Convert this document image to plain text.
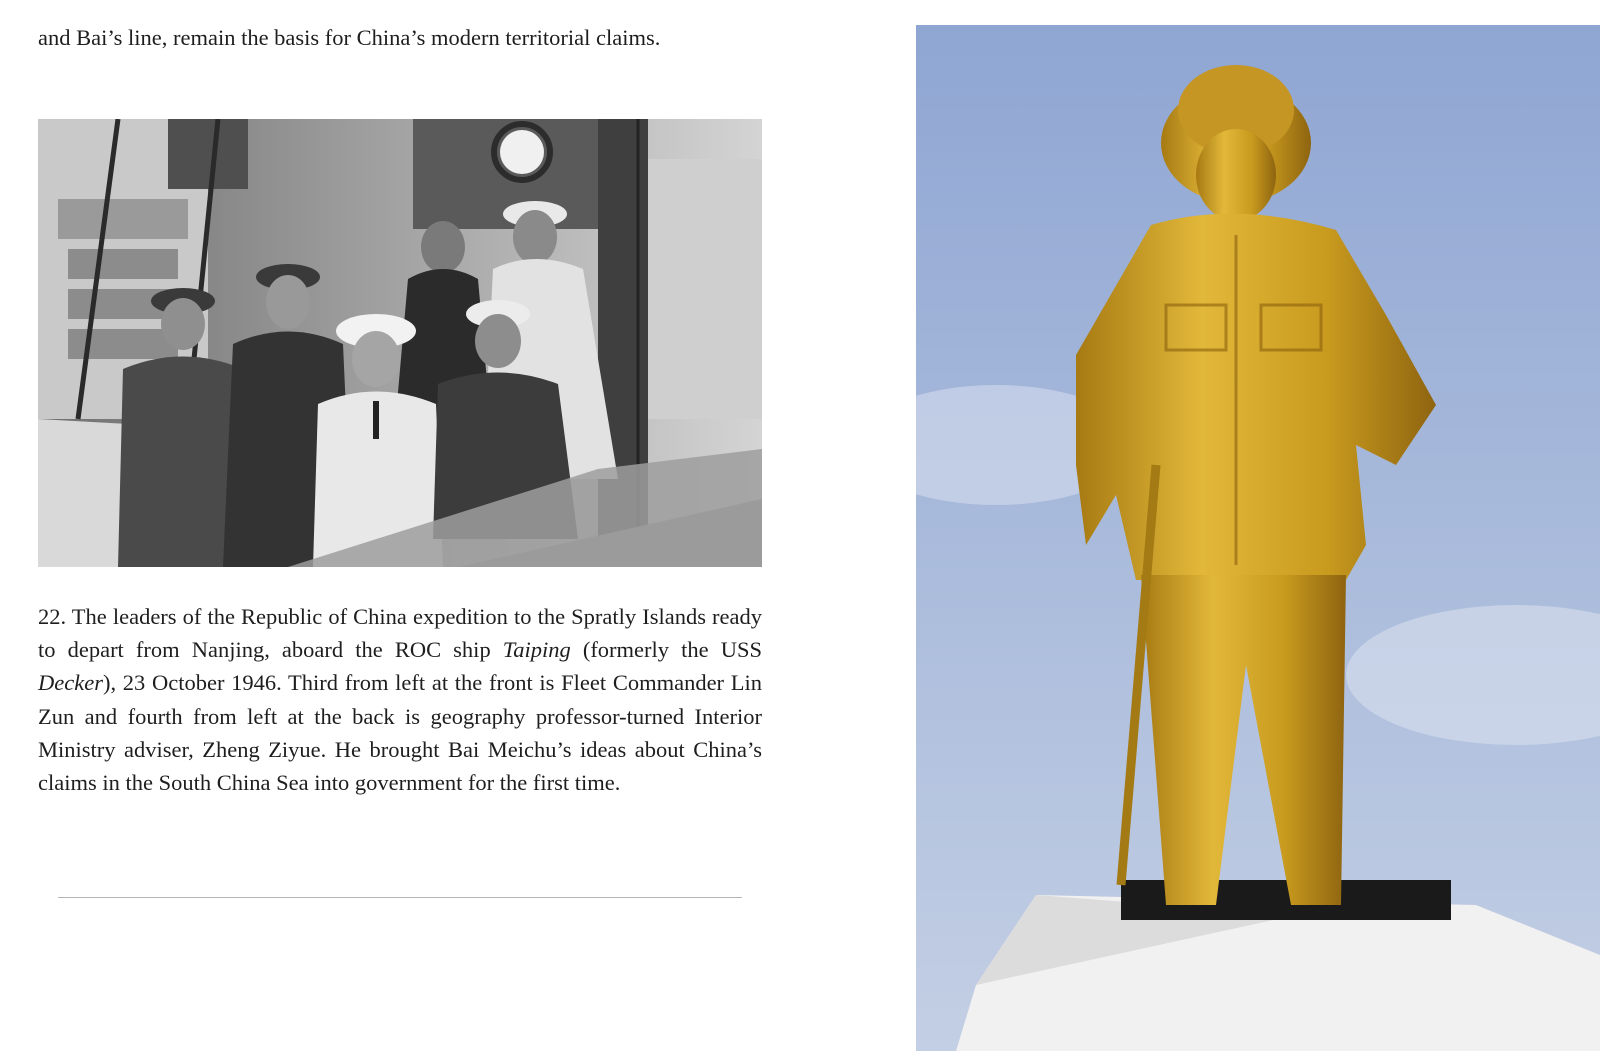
and Bai’s line, remain the basis for China’s modern territorial claims.
22. The leaders of the Republic of China expedition to the Spratly Islands ready to depart from Nanjing, aboard the ROC ship Taiping (formerly the USS Decker), 23 October 1946. Third from left at the front is Fleet Commander Lin Zun and fourth from left at the back is geography professor-turned Interior Ministry adviser, Zheng Ziyue. He brought Bai Meichu’s ideas about China’s claims in the South China Sea into government for the first time.
